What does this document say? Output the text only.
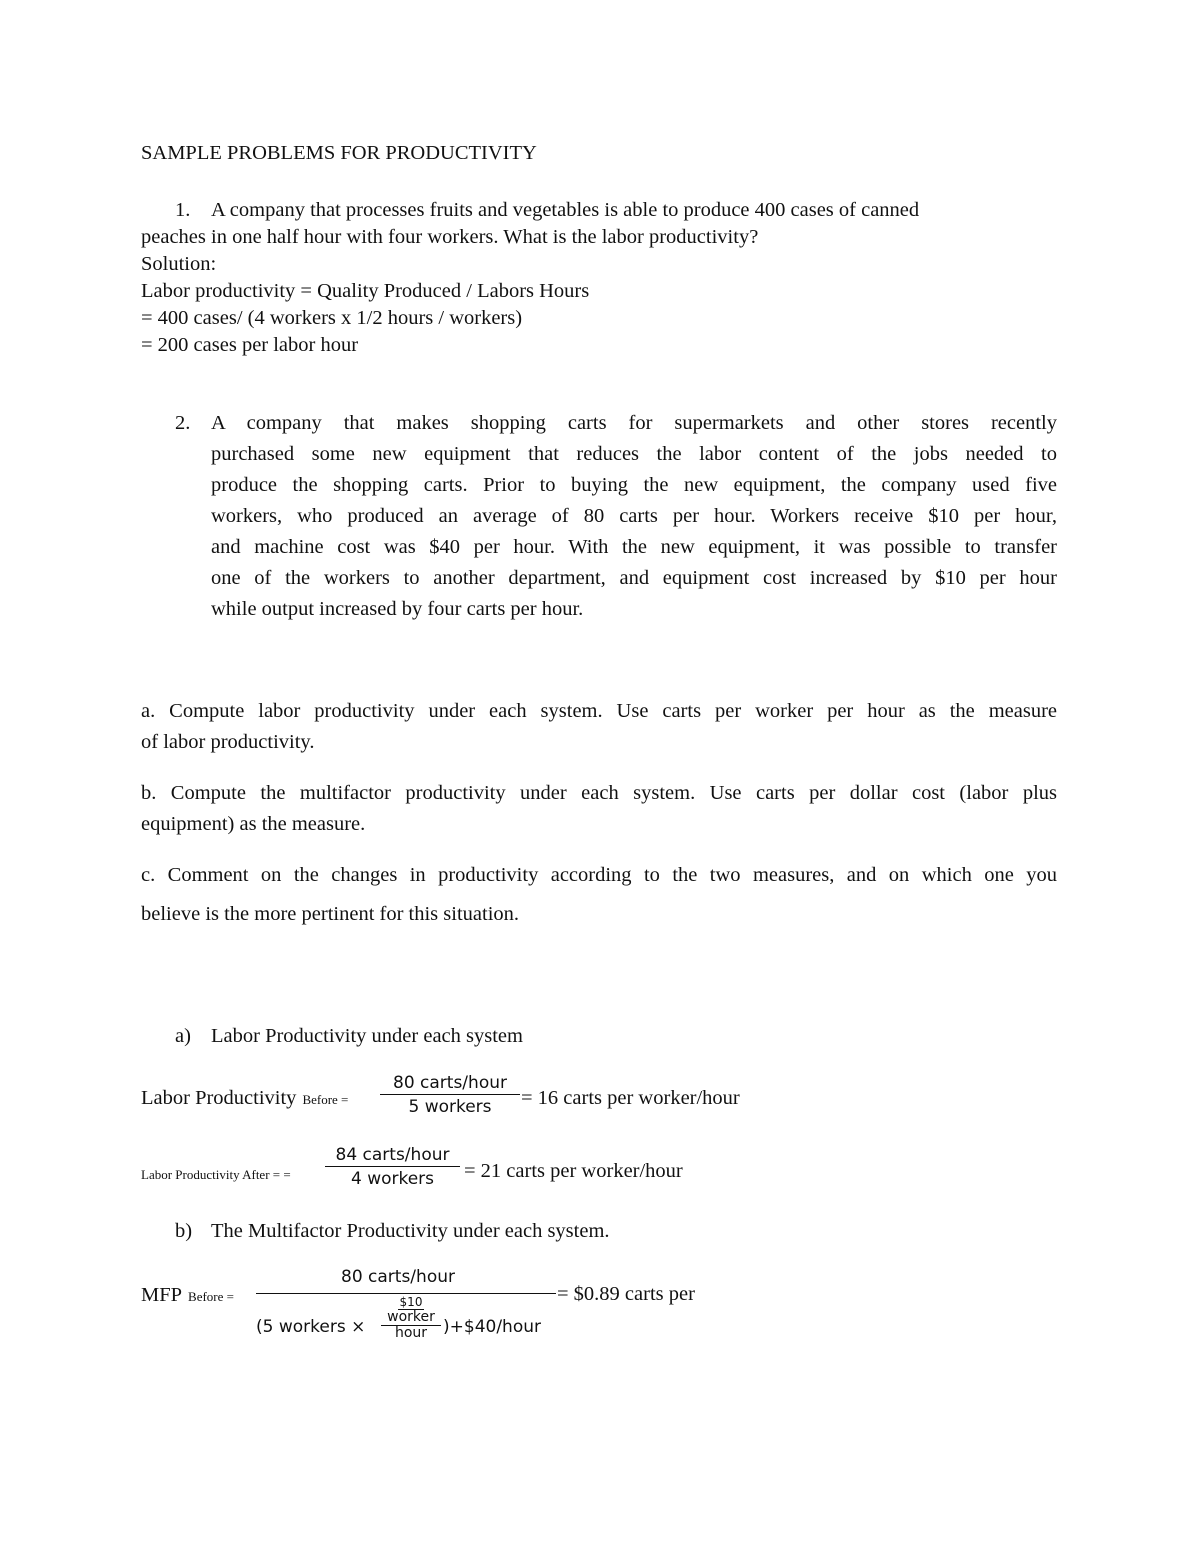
SAMPLE PROBLEMS FOR PRODUCTIVITY
1. A company that processes fruits and vegetables is able to produce 400 cases of canned
peaches in one half hour with four workers. What is the labor productivity?
Solution:
Labor productivity = Quality Produced / Labors Hours
= 400 cases/ (4 workers x 1/2 hours / workers)
= 200 cases per labor hour
2. A company that makes shopping carts for supermarkets and other stores recently
purchased some new equipment that reduces the labor content of the jobs needed to
produce the shopping carts. Prior to buying the new equipment, the company used five
workers, who produced an average of 80 carts per hour. Workers receive $10 per hour,
and machine cost was $40 per hour. With the new equipment, it was possible to transfer
one of the workers to another department, and equipment cost increased by $10 per hour
while output increased by four carts per hour.
a. Compute labor productivity under each system. Use carts per worker per hour as the measure
of labor productivity.
b. Compute the multifactor productivity under each system. Use carts per dollar cost (labor plus
equipment) as the measure.
c. Comment on the changes in productivity according to the two measures, and on which one you
believe is the more pertinent for this situation.
a) Labor Productivity under each system
Labor Productivity Before =
80 carts/hour
5 workers = 16 carts per worker/hour
Labor Productivity After = =
84 carts/hour
4 workers = 21 carts per worker/hour
b) The Multifactor Productivity under each system.
MFP Before =
80 carts/hour
(5 workers ×
$10
worker
hour )+$40/hour
= $0.89 carts per
